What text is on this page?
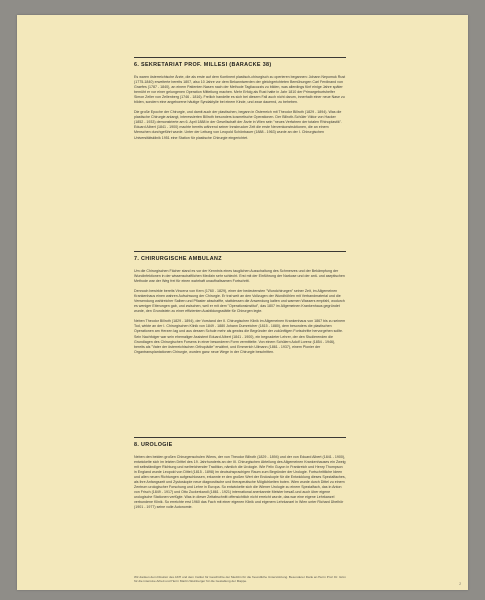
6. SEKRETARIAT PROF. MILLESI (BARACKE 38)

Es waren österreichische Ärzte, die als erste auf dem Kontinent plastisch-chirurgisch zu operieren begannen: Johann Nepomuk Rust (1775-1840) erweiterte bereits 1807, also 10 Jahre vor dem Bekanntwerden der gleichgerichteten Bemühungen Carl Ferdinand von Graefes (1787 - 1840), an einem Patienten Nasen nach der Methode Tagliacozzis zu bilden, was allerdings fünf einige Jahre später bemüht er vor einer gelungenen Operation Mitteilung machen. Mehr Erfolg als Rust hatte in Jahr 1810 der Primargeburtshelfer Simon Zeller von Zellenberg (1746 - 1816). Freilich handelte es sich bei diesem Fall auch nicht darum, innerhalb einer neue Nase zu bilden, sondern eine angeborene häutige Syndaktylie bei einem Kinde, und zwar dauernd, zu beheben.

Die große Epoche der Chirurgie, und damit auch der plastischen, begann in Österreich mit Theodor Billroth (1829 - 1894). Was die plastische Chirurgie anlangt, interessierten Billroth besonders kosmetische Operationen. Der Billroth-Schüler Viktor von Hacker (1852 - 1933) demonstrierte am 6. April 1888 in der Gesellschaft der Ärzte in Wien sein "neues Verfahren der totalen Rhinoplastik". Eduard Albert (1841 - 1900) machte bereits während seiner Innsbrucker Zeit die erste Nervenkonstruktionen, die an einem Menschen durchgeführt wurde. Unter der Leitung von Leopold Schönbauer (1888 - 1963) wurde an der I. Chirurgischen Universitätsklinik 1951 eine Station für plastische Chirurgie eingerichtet.

7. CHIRURGISCHE AMBULANZ

Um die Chirurgischen Fächer stand es vor der Kenntnis eines tauglichen Ausschaltung des Schmerzes und der Bekämpfung der Wundinfektionen in der wissenschaftlichen Medizin sehr schlecht. Erst mit der Einführung der Narkose und der anti- und aseptischen Methode war der Weg frei für einen wahrhaft unaufhaltsamen Fortschritt.

Dennoch bewirkte bereits Vincenz von Kern (1760 - 1829), einer der bedeutensten "Wundchirurgen" seiner Zeit, im Allgemeinen Krankenhaus einen wahren Aufschwung der Chirurgie. Er trat weit an den Vollzugen der Wundhöhlen mit Verbandmaterial und die Verwendung wahlreicher Salben und Pflaster abschaffte, stattdessen die Anwendung kalten und warmen Wassers empfahl, wodurch es weniger Eiterungen gab, und zwischen, weil er mit dem "Operationsinstitut", das 1807 im Allgemeinen Krankenhaus gegründet wurde, den Grundstein zu einer effizienten Ausbildungsstätte für Chirurgen legte.

Neben Theodor Billroth (1829 - 1894), der Vorstand der II. Chirurgischen Klinik im Allgemeinen Krankenhaus von 1867 bis zu seinem Tod, wirkte an der I. Chirurgischen Klinik von 1849 - 1880 Johann Dumreicher (1815 - 1880), dem besonders die plastischen Operationen am Herzen lag und aus dessen Schule mehr als gewiss die Begründer der zukünftigen Fortschritte hervorgehen sollte. Sein Nachfolger war sein ehemaliger Assistent Eduard Albert (1841 - 1900), ein begnadeter Lehrer, der den Studierenden die Grundlagen des Chirurgischen Forsens in einer besonderen Form vermittelte. Von einem Schülern Adolf Lorenz (1854 - 1946), bereits als "Vater der österreichischen Orthopädie" erwähnt, und Emmerich Ullmann (1861 - 1937), einem Pionier der Organtransplantationen Chirurgie, wurden ganz neue Wege in der Chirurgie beschritten.

8. UROLOGIE

Neben den beiden großen Chirurgenschulen Wiens, der von Theodor Billroth (1829 - 1894) und der von Eduard Albert (1841 - 1900), entwickelte sich im letzten Drittel des 19. Jahrhunderts an der III. Chirurgischen Abteilung des Allgemeinen Krankenhauses ein Zweig mit selbständiger Richtung und weitreichender Tradition, nämlich die Urologie. Wie Felix Guyon in Frankreich und Henry Thompson in England wurde Leopold von Dittel (1815 - 1898) im deutschsprachigen Raum zum Begründer der Urologie. Fortschrittliche Ideen und allen neuen Richtungen aufgeschlossen, erkannte er den großen Wert der Endoskopie für die Entwicklung dieses Spezialfaches, als ihre Anfangszeit und Zystoskopie neue diagnostische und therapeutische Möglichkeiten boten. Wien wurde durch Dittel zu einem Zentrum urologischer Forschung und Lehre in Europa. So entwickelte sich die Wiener Urologie zu einem Spezialfach, das in Anton von Frisch (1849 - 1917) und Otto Zuckerkandl (1861 - 1921) international anerkannte Meister besaß und auch über eigene urologische Stationen verfügte. Was in dieser Zeitabschnitt offensichtlich nicht erreicht wurde, das war eine eigene Lehrkanzel verbundene Klinik. So erreichte erst 1960 das Fach mit einer eigenen Klinik und eigenem Lehrkanzel in Wien unter Richard Übelhör (1901 - 1977) seine volle Autonomie.

Wir danken dem Direktor des AKH und dem Institut für Geschichte der Medizin für die freundliche Unterstützung. Besonderer Dank an Herrn Prof. Dr. Grün für die intensive Arbeit und Herrn Martin Weinberger für die Gestaltung der Mappe.

2
